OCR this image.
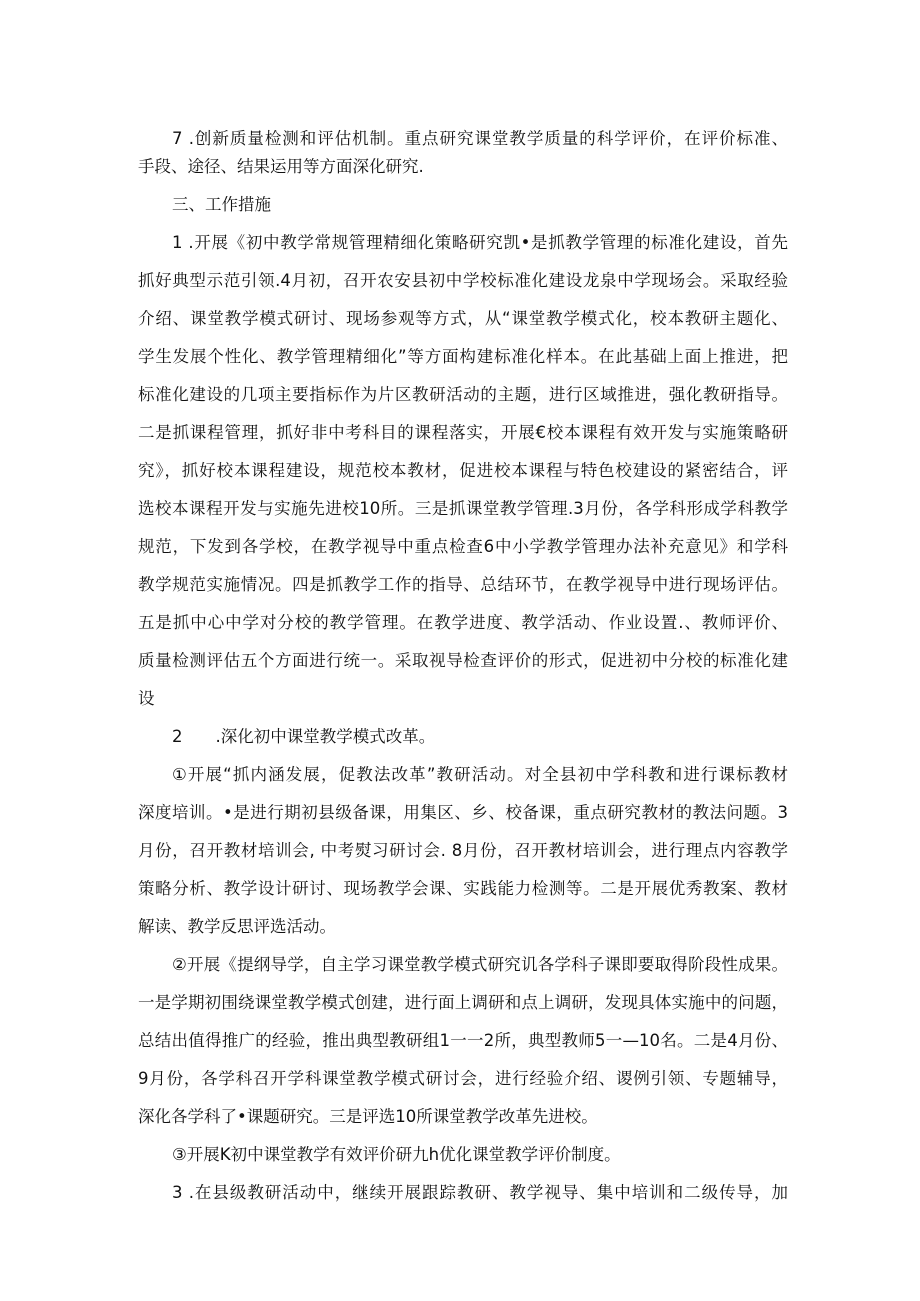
7 .创新质量检测和评估机制。重点研究课堂教学质量的科学评价，在评价标准、
手段、途径、结果运用等方面深化研究.
三、工作措施
1 .开展《初中教学常规管理精细化策略研究凯•是抓教学管理的标准化建设，首先
抓好典型示范引领.4月初，召开农安县初中学校标准化建设龙泉中学现场会。采取经验
介绍、课堂教学模式研讨、现场参观等方式，从“课堂教学模式化，校本教研主题化、
学生发展个性化、教学管理精细化”等方面构建标准化样本。在此基础上面上推进，把
标准化建设的几项主要指标作为片区教研活动的主题，进行区域推进，强化教研指导。
二是抓课程管理，抓好非中考科目的课程落实，开展€校本课程有效开发与实施策略研
究》，抓好校本课程建设，规范校本教材，促进校本课程与特色校建设的紧密结合，评
选校本课程开发与实施先进校10所。三是抓课堂教学管理.3月份，各学科形成学科教学
规范，下发到各学校，在教学视导中重点检查6中小学教学管理办法补充意见》和学科
教学规范实施情况。四是抓教学工作的指导、总结环节，在教学视导中进行现场评估。
五是抓中心中学对分校的教学管理。在教学进度、教学活动、作业设置.、教师评价、
质量检测评估五个方面进行统一。采取视导检查评价的形式，促进初中分校的标准化建
设
2　　.深化初中课堂教学模式改革。
①开展“抓内涵发展，促教法改革”教研活动。对全县初中学科教和进行课标教材
深度培训。•是进行期初县级备课，用集区、乡、校备课，重点研究教材的教法问题。3
月份，召开教材培训会, 中考熨习研讨会. 8月份，召开教材培训会，进行理点内容教学
策略分析、教学设计研讨、现场教学会课、实践能力检测等。二是开展优秀教案、教材
解读、教学反思评选活动。
②开展《提纲导学，自主学习课堂教学模式研究讥各学科子课即要取得阶段性成果。
一是学期初围绕课堂教学模式创建，进行面上调研和点上调研，发现具体实施中的问题，
总结出值得推广的经验，推出典型教研组1一一2所，典型教师5一—10名。二是4月份、
9月份，各学科召开学科课堂教学模式研讨会，进行经验介绍、谡例引领、专题辅导，
深化各学科了•课题研究。三是评选10所课堂教学改革先进校。
③开展K初中课堂教学有效评价研九h优化课堂教学评价制度。
3 .在县级教研活动中，继续开展跟踪教研、教学视导、集中培训和二级传导，加
